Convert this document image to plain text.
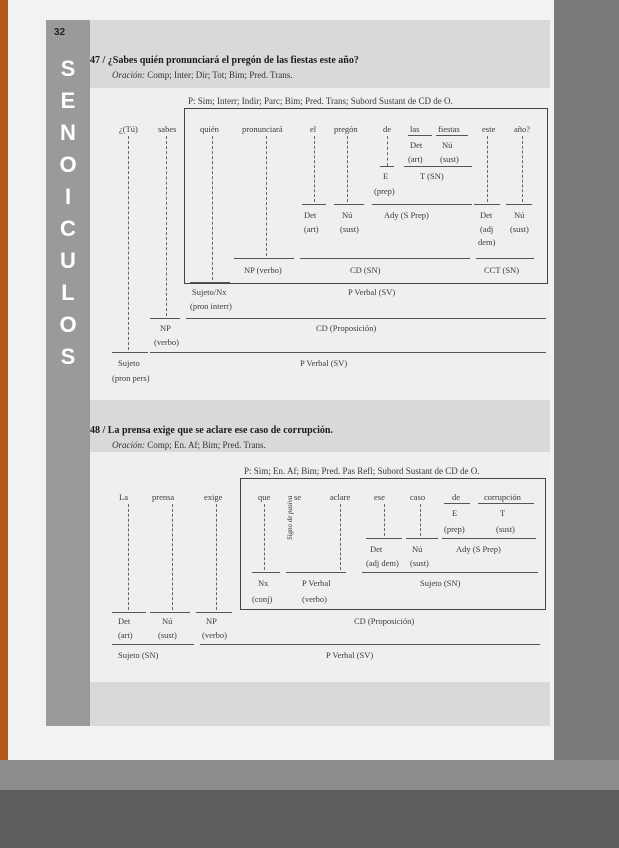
32
S
E
N
O
I
C
U
L
O
S
47 / ¿Sabes quién pronunciará el pregón de las fiestas este año?
Oración: Comp; Inter; Dir; Tot; Bim; Pred. Trans.
P: Sim; Interr; Indir; Parc; Bim; Pred. Trans; Subord Sustant de CD de O.
¿(Tú) sabes	quién	pronunciará	el pregón	de las fiestas	este año?
Det Nú
(art) (sust)
E	T (SN)
(prep)
Det	Nú	Ady (S Prep)	Det	Nú
(art)	(sust)	(adj (sust)
dem)
NP (verbo)	CD (SN)	CCT (SN)
Sujeto/Nx	P Verbal (SV)
(pron interr)
NP	CD (Proposición)
(verbo)
Sujeto	P Verbal (SV)
(pron pers)
48 / La prensa exige que se aclare ese caso de corrupción.
Oración: Comp; En. Af; Bim; Pred. Trans.
P: Sim; En. Af; Bim; Pred. Pas Refl; Subord Sustant de CD de O.
La	prensa	exige	que	se	aclare	ese	caso	de	corrupción
Signo de pasiva	E	T
(prep)	(sust)
Det	Nú	Ady (S Prep)
(adj dem) (sust)
Nx	P Verbal	Sujeto (SN)
(conj)	(verbo)
Det	Nú	NP	CD (Proposición)
(art)	(sust)	(verbo)
Sujeto (SN)	P Verbal (SV)
